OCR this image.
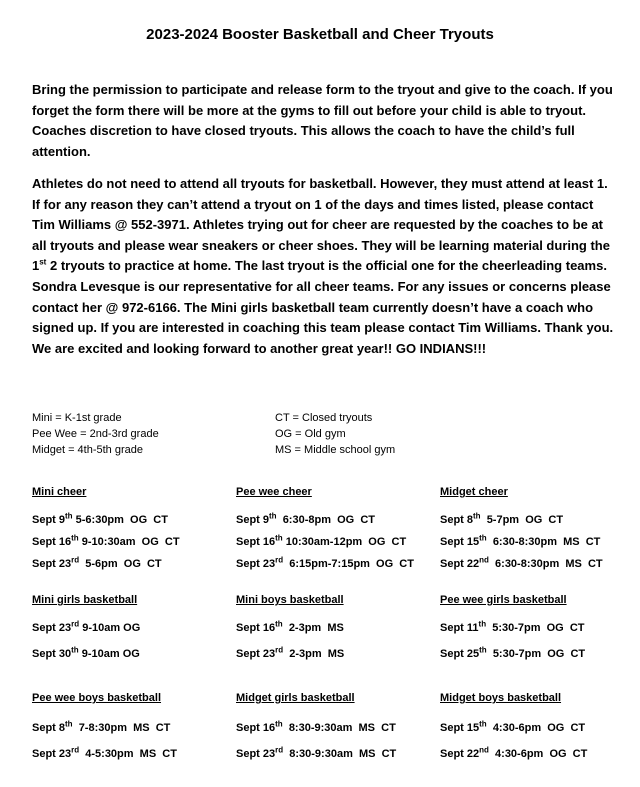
2023-2024 Booster Basketball and Cheer Tryouts

Bring the permission to participate and release form to the tryout and give to the coach. If you forget the form there will be more at the gyms to fill out before your child is able to tryout. Coaches discretion to have closed tryouts. This allows the coach to have the child’s full attention.

Athletes do not need to attend all tryouts for basketball. However, they must attend at least 1. If for any reason they can’t attend a tryout on 1 of the days and times listed, please contact Tim Williams @ 552-3971. Athletes trying out for cheer are requested by the coaches to be at all tryouts and please wear sneakers or cheer shoes. They will be learning material during the 1st 2 tryouts to practice at home. The last tryout is the official one for the cheerleading teams. Sondra Levesque is our representative for all cheer teams. For any issues or concerns please contact her @ 972-6166. The Mini girls basketball team currently doesn’t have a coach who signed up. If you are interested in coaching this team please contact Tim Williams. Thank you. We are excited and looking forward to another great year!! GO INDIANS!!!

Mini = K-1st grade
Pee Wee = 2nd-3rd grade
Midget = 4th-5th grade
CT = Closed tryouts
OG = Old gym
MS = Middle school gym
Mini cheer
Sept 9th 5-6:30pm  OG  CT
Sept 16th 9-10:30am  OG  CT
Sept 23rd  5-6pm  OG  CT
Pee wee cheer
Sept 9th  6:30-8pm  OG  CT
Sept 16th 10:30am-12pm  OG  CT
Sept 23rd  6:15pm-7:15pm  OG  CT
Midget cheer
Sept 8th  5-7pm  OG  CT
Sept 15th  6:30-8:30pm  MS  CT
Sept 22nd  6:30-8:30pm  MS  CT
Mini girls basketball
Sept 23rd 9-10am OG
Sept 30th 9-10am OG
Mini boys basketball
Sept 16th  2-3pm  MS
Sept 23rd  2-3pm  MS
Pee wee girls basketball
Sept 11th  5:30-7pm  OG  CT
Sept 25th  5:30-7pm  OG  CT
Pee wee boys basketball
Sept 8th  7-8:30pm  MS  CT
Sept 23rd  4-5:30pm  MS  CT
Midget girls basketball
Sept 16th  8:30-9:30am  MS  CT
Sept 23rd  8:30-9:30am  MS  CT
Midget boys basketball
Sept 15th  4:30-6pm  OG  CT
Sept 22nd  4:30-6pm  OG  CT
